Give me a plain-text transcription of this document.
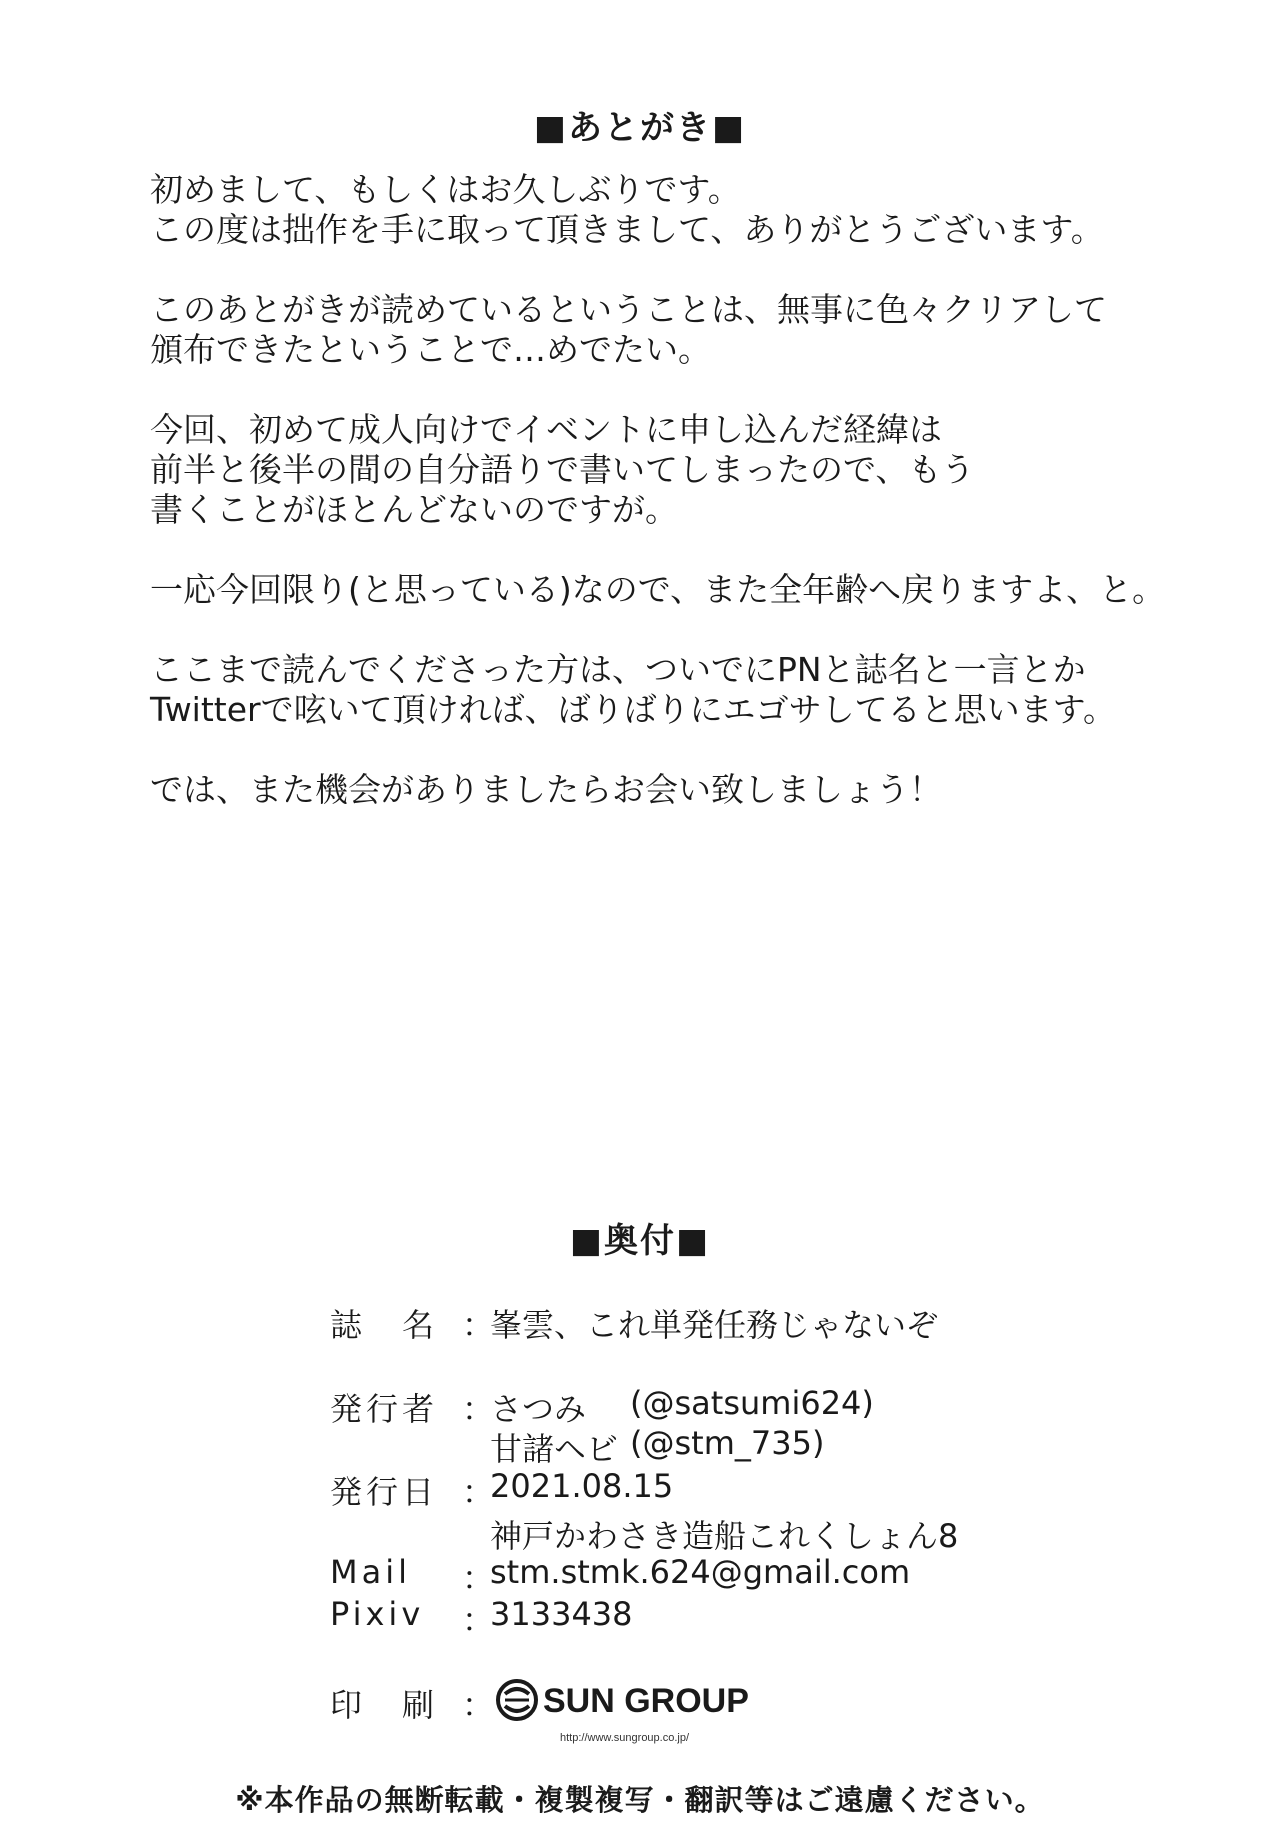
■あとがき■
初めまして、もしくはお久しぶりです。
この度は拙作を手に取って頂きまして、ありがとうございます。
このあとがきが読めているということは、無事に色々クリアして
頒布できたということで…めでたい。
今回、初めて成人向けでイベントに申し込んだ経緯は
前半と後半の間の自分語りで書いてしまったので、もう
書くことがほとんどないのですが。
一応今回限り(と思っている)なので、また全年齢へ戻りますよ、と。
ここまで読んでくださった方は、ついでにPNと誌名と一言とか
Twitterで呟いて頂ければ、ばりばりにエゴサしてると思います。
では、また機会がありましたらお会い致しましょう！
■奥付■
誌　名 ：
峯雲、これ単発任務じゃないぞ
発行者 ：
さつみ (@satsumi624)
甘諸ヘビ (@stm_735)
発行日 ：
2021.08.15
神戸かわさき造船これくしょん8
Mail	：
stm.stmk.624@gmail.com
Pixiv	：
3133438
印　刷 ： SUN GROUP
http://www.sungroup.co.jp/
※本作品の無断転載・複製複写・翻訳等はご遠慮ください。
